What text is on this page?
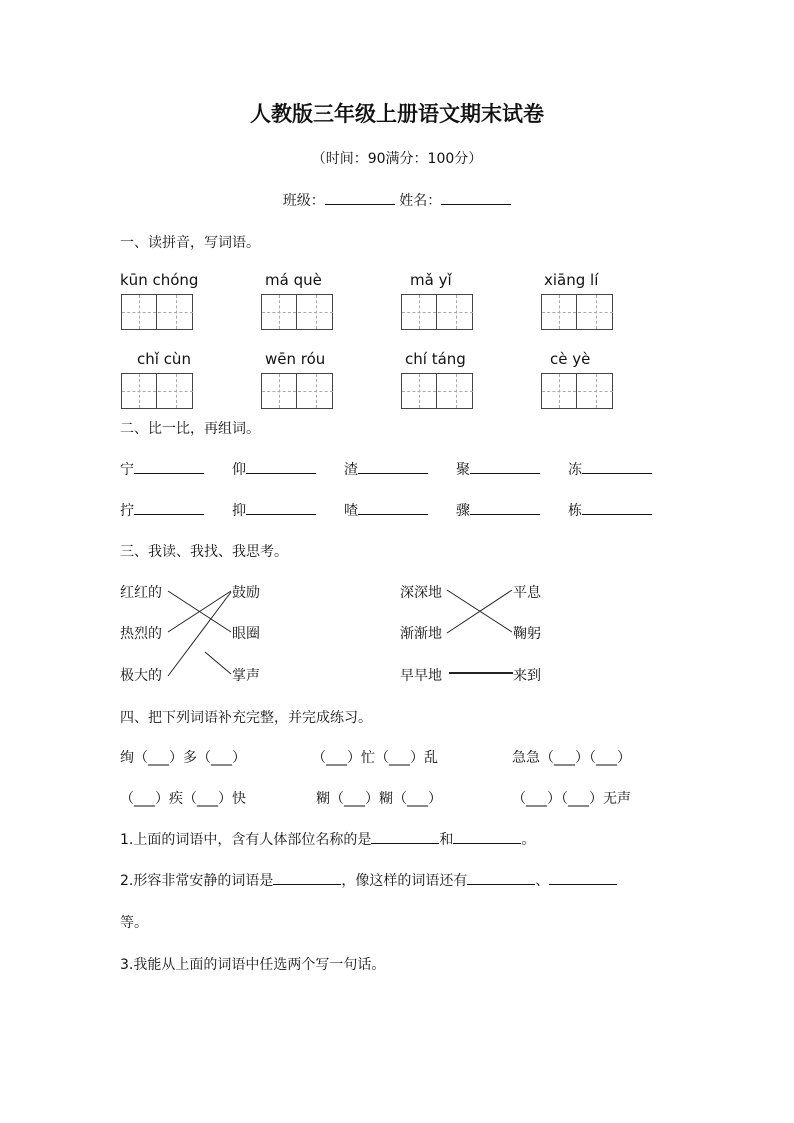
人教版三年级上册语文期末试卷
（时间：90满分：100分）
班级：	姓名：
一、读拼音，写词语。
kūn chóng	má què	mǎ yǐ	xiāng lí
chǐ cùn	wēn róu	chí táng	cè yè
二、比一比，再组词。
宁	仰	渣	聚	冻
拧	抑	喳	骤	栋
三、我读、我找、我思考。
红红的
热烈的
极大的
鼓励
眼圈
掌声
深深地
渐渐地
早早地
平息
鞠躬
来到
四、把下列词语补充完整，并完成练习。
绚（___）多（___）	（___）忙（___）乱	急急（___）（___）
（___）疾（___）快	糊（___）糊（___）	（___）（___）无声
1.上面的词语中，含有人体部位名称的是	和	。
2.形容非常安静的词语是	，像这样的词语还有	、
等。
3.我能从上面的词语中任选两个写一句话。
